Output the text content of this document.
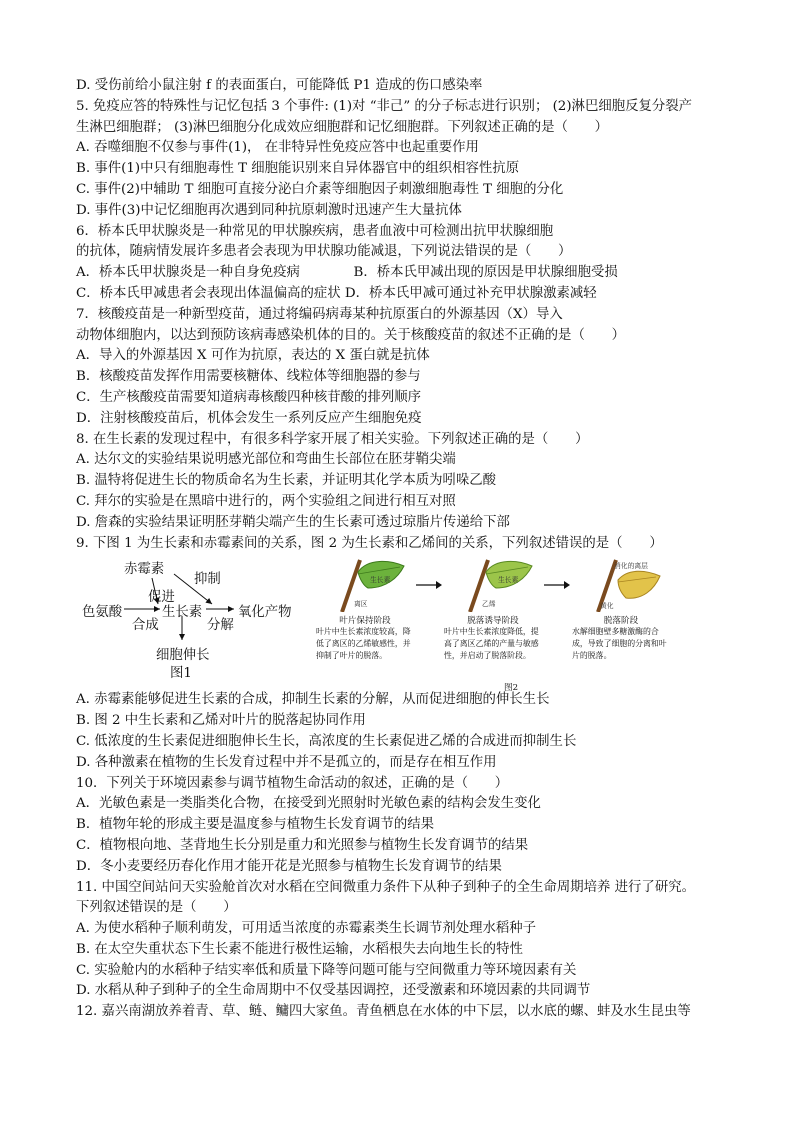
D. 受伤前给小鼠注射 f 的表面蛋白，可能降低 P1 造成的伤口感染率
5. 免疫应答的特殊性与记忆包括 3 个事件: (1)对 “非己” 的分子标志进行识别； (2)淋巴细胞反复分裂产
生淋巴细胞群； (3)淋巴细胞分化成效应细胞群和记忆细胞群。下列叙述正确的是（　　）
A. 吞噬细胞不仅参与事件(1)， 在非特异性免疫应答中也起重要作用
B. 事件(1)中只有细胞毒性 T 细胞能识别来自异体器官中的组织相容性抗原
C. 事件(2)中辅助 T 细胞可直接分泌白介素等细胞因子刺激细胞毒性 T 细胞的分化
D. 事件(3)中记忆细胞再次遇到同种抗原刺激时迅速产生大量抗体
6．桥本氏甲状腺炎是一种常见的甲状腺疾病，患者血液中可检测出抗甲状腺细胞
的抗体，随病情发展许多患者会表现为甲状腺功能减退，下列说法错误的是（　　）
A．桥本氏甲状腺炎是一种自身免疫病　　　　B．桥本氏甲减出现的原因是甲状腺细胞受损
C．桥本氏甲减患者会表现出体温偏高的症状 D．桥本氏甲减可通过补充甲状腺激素减轻
7．核酸疫苗是一种新型疫苗，通过将编码病毒某种抗原蛋白的外源基因（X）导入
动物体细胞内，以达到预防该病毒感染机体的目的。关于核酸疫苗的叙述不正确的是（　　）
A．导入的外源基因 X 可作为抗原，表达的 X 蛋白就是抗体
B．核酸疫苗发挥作用需要核糖体、线粒体等细胞器的参与
C．生产核酸疫苗需要知道病毒核酸四种核苷酸的排列顺序
D．注射核酸疫苗后，机体会发生一系列反应产生细胞免疫
8. 在生长素的发现过程中，有很多科学家开展了相关实验。下列叙述正确的是（　　）
A. 达尔文的实验结果说明感光部位和弯曲生长部位在胚芽鞘尖端
B. 温特将促进生长的物质命名为生长素，并证明其化学本质为吲哚乙酸
C. 拜尔的实验是在黑暗中进行的，两个实验组之间进行相互对照
D. 詹森的实验结果证明胚芽鞘尖端产生的生长素可透过琼脂片传递给下部
9. 下图 1 为生长素和赤霉素间的关系，图 2 为生长素和乙烯间的关系，下列叙述错误的是（　　）
赤霉素
抑制
促进
色氨酸
合成
生长素
分解
氧化产物
细胞伸长
图1
生长素
离区
叶片保持阶段
叶片中生长素浓度较高，降低了离区的乙烯敏感性，并抑制了叶片的脱落。
生长素
乙烯
脱落诱导阶段
叶片中生长素浓度降低，提高了离区乙烯的产量与敏感性，并启动了脱落阶段。
消化的离层
黄化
脱落阶段
水解细胞壁多糖激酶的合成，导致了细胞的分离和叶片的脱落。
图2
A. 赤霉素能够促进生长素的合成，抑制生长素的分解，从而促进细胞的伸长生长
B. 图 2 中生长素和乙烯对叶片的脱落起协同作用
C. 低浓度的生长素促进细胞伸长生长，高浓度的生长素促进乙烯的合成进而抑制生长
D. 各种激素在植物的生长发育过程中并不是孤立的，而是存在相互作用
10．下列关于环境因素参与调节植物生命活动的叙述，正确的是（　　）
A．光敏色素是一类脂类化合物，在接受到光照射时光敏色素的结构会发生变化
B．植物年轮的形成主要是温度参与植物生长发育调节的结果
C．植物根向地、茎背地生长分别是重力和光照参与植物生长发育调节的结果
D．冬小麦要经历春化作用才能开花是光照参与植物生长发育调节的结果
11. 中国空间站问天实验舱首次对水稻在空间微重力条件下从种子到种子的全生命周期培养 进行了研究。
下列叙述错误的是（　　）
A. 为使水稻种子顺利萌发，可用适当浓度的赤霉素类生长调节剂处理水稻种子
B. 在太空失重状态下生长素不能进行极性运输，水稻根失去向地生长的特性
C. 实验舱内的水稻种子结实率低和质量下降等问题可能与空间微重力等环境因素有关
D. 水稻从种子到种子的全生命周期中不仅受基因调控，还受激素和环境因素的共同调节
12. 嘉兴南湖放养着青、草、鲢、鳙四大家鱼。青鱼栖息在水体的中下层，以水底的螺、蚌及水生昆虫等
